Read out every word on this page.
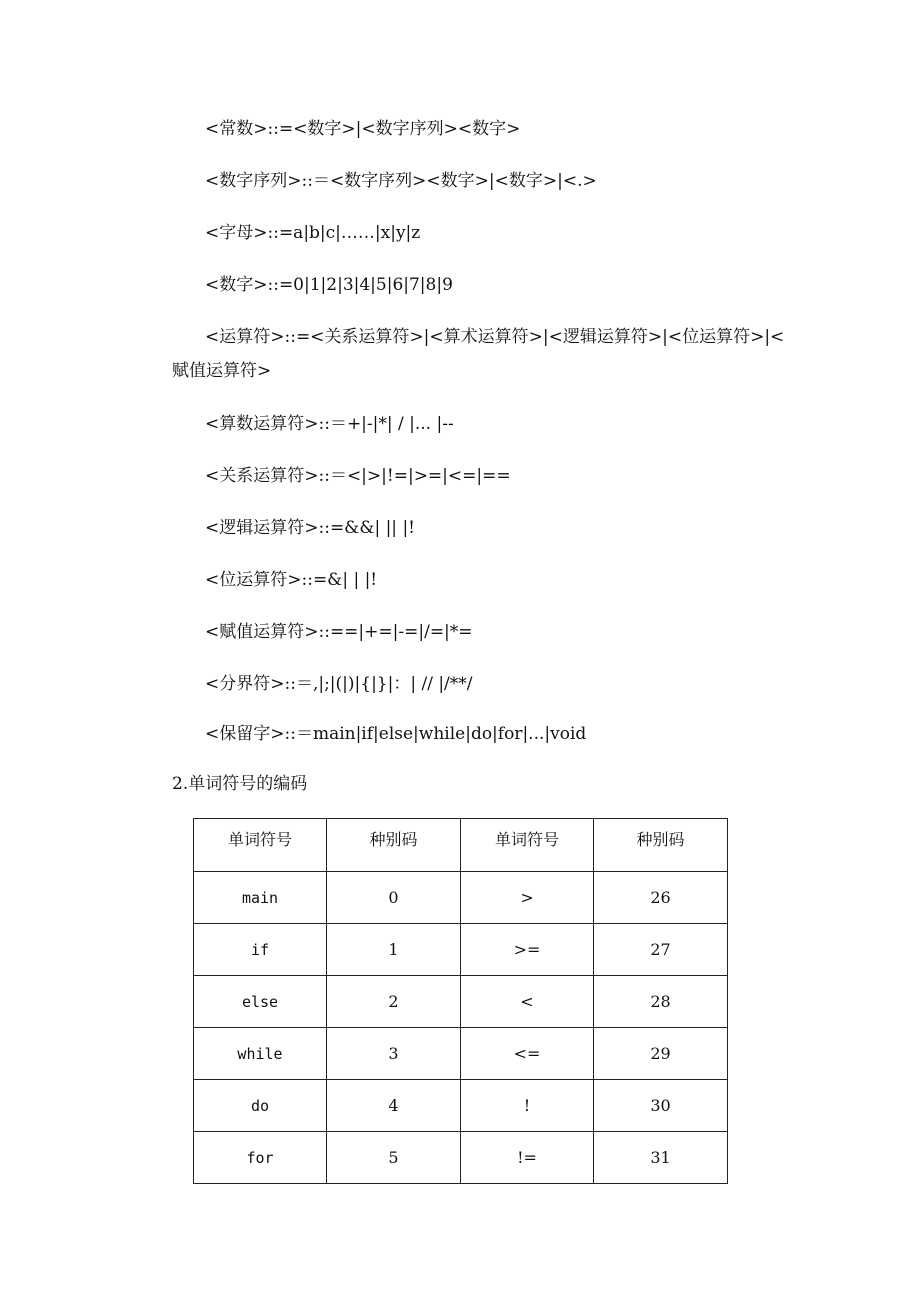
<常数>::=<数字>|<数字序列><数字>
<数字序列>::＝<数字序列><数字>|<数字>|<.>
<字母>::=a|b|c|……|x|y|z
<数字>::=0|1|2|3|4|5|6|7|8|9
<运算符>::=<关系运算符>|<算术运算符>|<逻辑运算符>|<位运算符>|<
赋值运算符>
<算数运算符>::＝+|-|*| / |... |--
<关系运算符>::＝<|>|!=|>=|<=|==
<逻辑运算符>::=&&| || |!
<位运算符>::=&| | |!
<赋值运算符>::==|+=|-=|/=|*=
<分界符>::＝,|;|(|)|{|}|：| // |/**/
<保留字>::＝main|if|else|while|do|for|...|void
2.单词符号的编码
单词符号	种别码	单词符号	种别码
main	0	>	26
if	1	>=	27
else	2	<	28
while	3	<=	29
do	4	!	30
for	5	!=	31
